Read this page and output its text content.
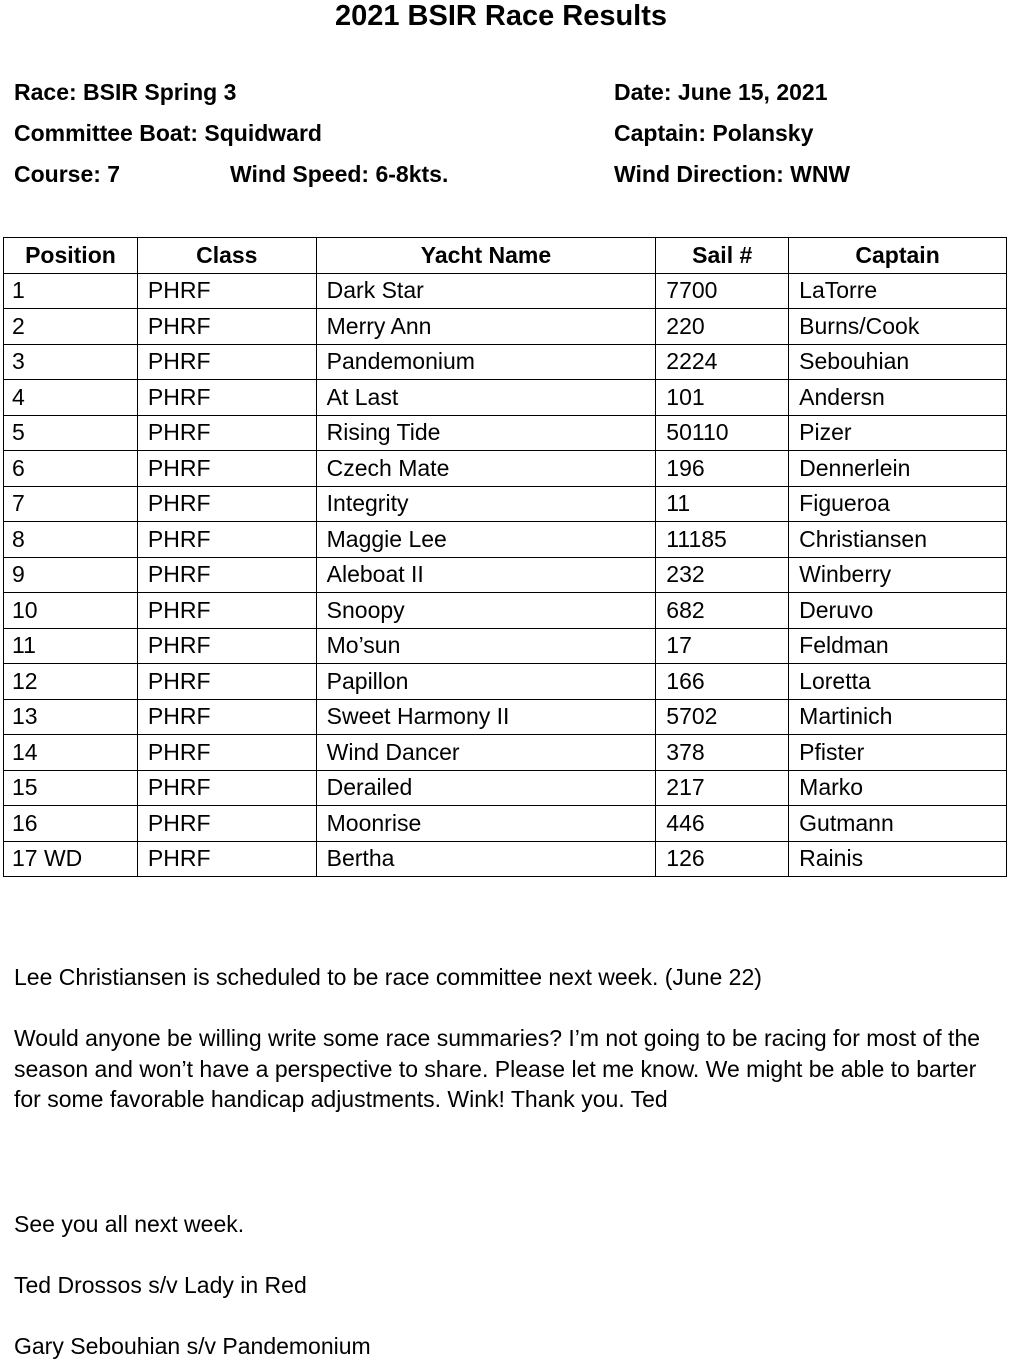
2021 BSIR Race Results
Race: BSIR Spring 3	Date: June 15, 2021
Committee Boat: Squidward	Captain: Polansky
Course: 7	Wind Speed: 6-8kts.	Wind Direction: WNW
Position	Class	Yacht Name	Sail #	Captain
1	PHRF	Dark Star	7700	LaTorre
2	PHRF	Merry Ann	220	Burns/Cook
3	PHRF	Pandemonium	2224	Sebouhian
4	PHRF	At Last	101	Andersn
5	PHRF	Rising Tide	50110	Pizer
6	PHRF	Czech Mate	196	Dennerlein
7	PHRF	Integrity	11	Figueroa
8	PHRF	Maggie Lee	11185	Christiansen
9	PHRF	Aleboat II	232	Winberry
10	PHRF	Snoopy	682	Deruvo
11	PHRF	Mo’sun	17	Feldman
12	PHRF	Papillon	166	Loretta
13	PHRF	Sweet Harmony II	5702	Martinich
14	PHRF	Wind Dancer	378	Pfister
15	PHRF	Derailed	217	Marko
16	PHRF	Moonrise	446	Gutmann
17 WD	PHRF	Bertha	126	Rainis
Lee Christiansen is scheduled to be race committee next week. (June 22)
Would anyone be willing write some race summaries? I’m not going to be racing for most of the season and won’t have a perspective to share. Please let me know. We might be able to barter for some favorable handicap adjustments. Wink! Thank you. Ted
See you all next week.
Ted Drossos s/v Lady in Red
Gary Sebouhian s/v Pandemonium
